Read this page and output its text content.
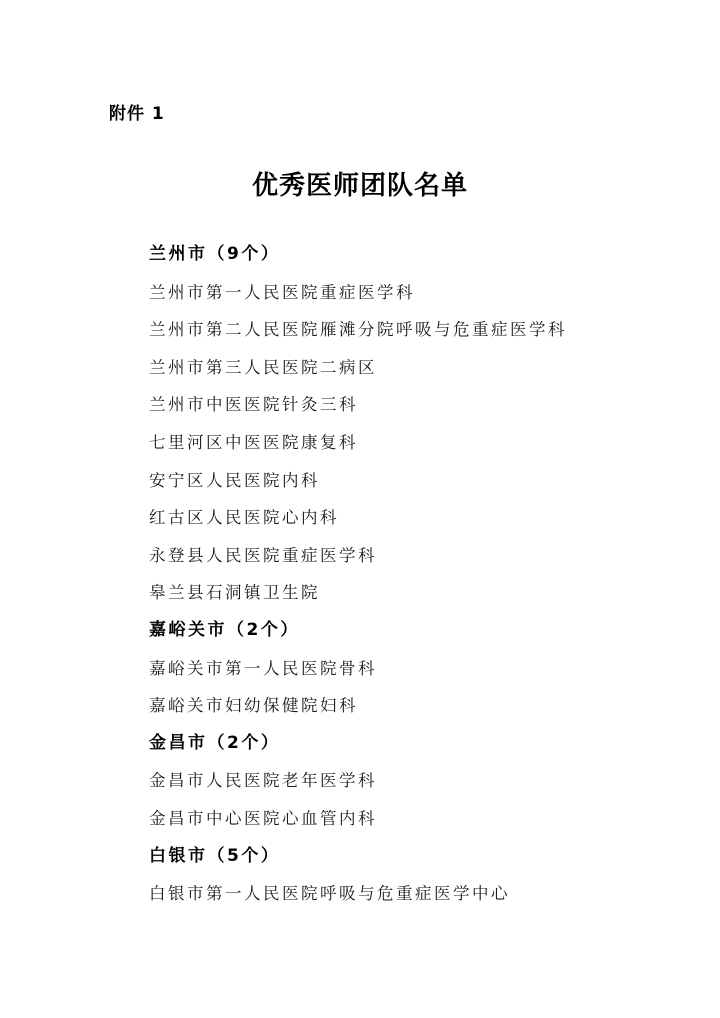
附件 1
优秀医师团队名单
兰州市（9个）
兰州市第一人民医院重症医学科
兰州市第二人民医院雁滩分院呼吸与危重症医学科
兰州市第三人民医院二病区
兰州市中医医院针灸三科
七里河区中医医院康复科
安宁区人民医院内科
红古区人民医院心内科
永登县人民医院重症医学科
皋兰县石洞镇卫生院
嘉峪关市（2个）
嘉峪关市第一人民医院骨科
嘉峪关市妇幼保健院妇科
金昌市（2个）
金昌市人民医院老年医学科
金昌市中心医院心血管内科
白银市（5个）
白银市第一人民医院呼吸与危重症医学中心
